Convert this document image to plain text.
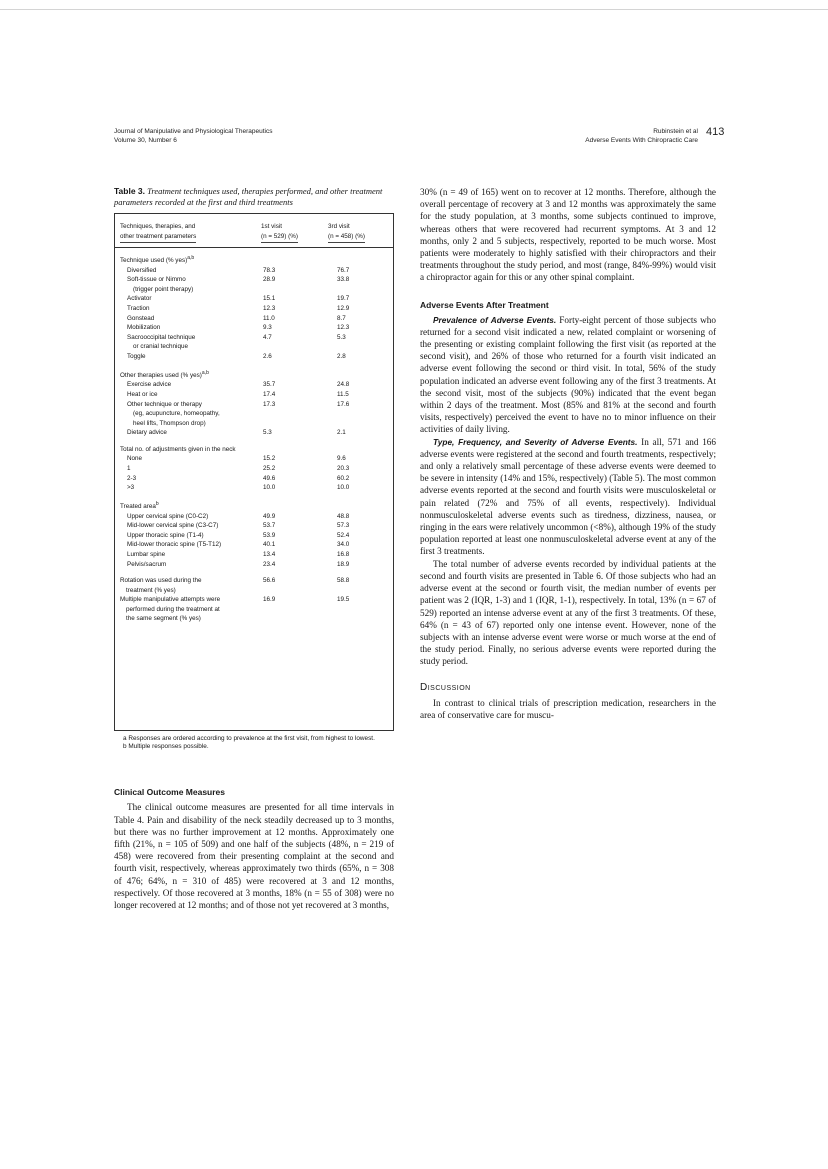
Journal of Manipulative and Physiological Therapeutics
Volume 30, Number 6
Rubinstein et al
Adverse Events With Chiropractic Care
413
Table 3. Treatment techniques used, therapies performed, and other treatment parameters recorded at the first and third treatments
Techniques, therapies, and
other treatment parameters
1st visit
(n = 529) (%)
3rd visit
(n = 458) (%)
Technique used (% yes)$^{a,b}$
Diversified	78.3	76.7
Soft-tissue or Nimmo
(trigger point therapy)
28.9	33.8
Activator	15.1	19.7
Traction	12.3	12.9
Gonstead	11.0	8.7
Mobilization	9.3	12.3
Sacrooccipital technique
or cranial technique
4.7	5.3
Toggle	2.6	2.8
Other therapies used (% yes)$^{a,b}$
Exercise advice	35.7	24.8
Heat or ice	17.4	11.5
Other technique or therapy
(eg, acupuncture, homeopathy,
heel lifts, Thompson drop)
17.3	17.6
Dietary advice	5.3	2.1
Total no. of adjustments given in the neck
None	15.2	9.6
1	25.2	20.3
2-3	49.6	60.2
>3	10.0	10.0
Treated area$^b$
Upper cervical spine (C0-C2)	49.9	48.8
Mid-lower cervical spine (C3-C7)	53.7	57.3
Upper thoracic spine (T1-4)	53.9	52.4
Mid-lower thoracic spine (T5-T12)	40.1	34.0
Lumbar spine	13.4	16.8
Pelvis/sacrum	23.4	18.9
Rotation was used during the
treatment (% yes)
56.6	58.8
Multiple manipulative attempts were
performed during the treatment at
the same segment (% yes)
16.9	19.5

a Responses are ordered according to prevalence at the first visit, from highest to lowest.

b Multiple responses possible.

Clinical Outcome Measures

The clinical outcome measures are presented for all time intervals in Table 4. Pain and disability of the neck steadily decreased up to 3 months, but there was no further improvement at 12 months. Approximately one fifth (21%, n = 105 of 509) and one half of the subjects (48%, n = 219 of 458) were recovered from their presenting complaint at the second and fourth visit, respectively, whereas approximately two thirds (65%, n = 308 of 476; 64%, n = 310 of 485) were recovered at 3 and 12 months, respectively. Of those recovered at 3 months, 18% (n = 55 of 308) were no longer recovered at 12 months; and of those not yet recovered at 3 months,

30% (n = 49 of 165) went on to recover at 12 months. Therefore, although the overall percentage of recovery at 3 and 12 months was approximately the same for the study population, at 3 months, some subjects continued to improve, whereas others that were recovered had recurrent symptoms. At 3 and 12 months, only 2 and 5 subjects, respectively, reported to be much worse. Most patients were moderately to highly satisfied with their chiropractors and their treatments throughout the study period, and most (range, 84%-99%) would visit a chiropractor again for this or any other spinal complaint.

Adverse Events After Treatment

Prevalence of Adverse Events. Forty-eight percent of those subjects who returned for a second visit indicated a new, related complaint or worsening of the presenting or existing complaint following the first visit (as reported at the second visit), and 26% of those who returned for a fourth visit indicated an adverse event following the second or third visit. In total, 56% of the study population indicated an adverse event following any of the first 3 treatments. At the second visit, most of the subjects (90%) indicated that the event began within 2 days of the treatment. Most (85% and 81% at the second and fourth visits, respectively) perceived the event to have no to minor influence on their activities of daily living.

Type, Frequency, and Severity of Adverse Events. In all, 571 and 166 adverse events were registered at the second and fourth treatments, respectively; and only a relatively small percentage of these adverse events were deemed to be severe in intensity (14% and 15%, respectively) (Table 5). The most common adverse events reported at the second and fourth visits were musculoskeletal or pain related (72% and 75% of all events, respectively). Individual nonmusculoskeletal adverse events such as tiredness, dizziness, nausea, or ringing in the ears were relatively uncommon (<8%), although 19% of the study population reported at least one nonmusculoskeletal adverse event at any of the first 3 treatments.

The total number of adverse events recorded by individual patients at the second and fourth visits are presented in Table 6. Of those subjects who had an adverse event at the second or fourth visit, the median number of events per patient was 2 (IQR, 1-3) and 1 (IQR, 1-1), respectively. In total, 13% (n = 67 of 529) reported an intense adverse event at any of the first 3 treatments. Of these, 64% (n = 43 of 67) reported only one intense event. However, none of the subjects with an intense adverse event were worse or much worse at the end of the study period. Finally, no serious adverse events were reported during the study period.

Discussion

In contrast to clinical trials of prescription medication, researchers in the area of conservative care for muscu-
